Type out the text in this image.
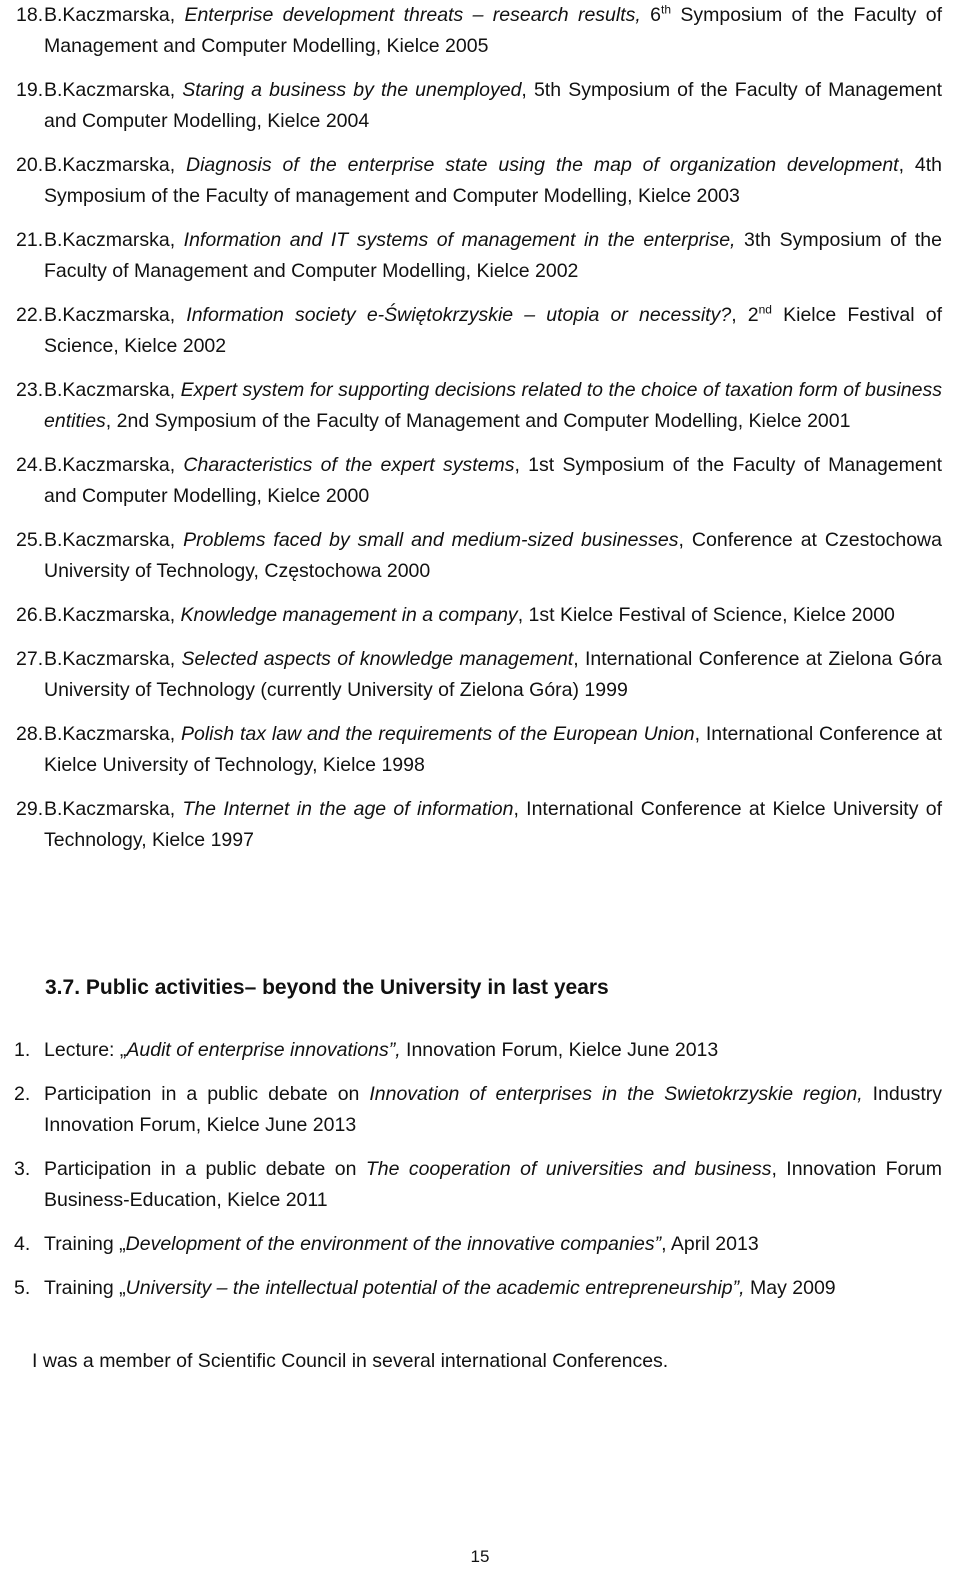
18. B.Kaczmarska, Enterprise development threats – research results, 6th Symposium of the Faculty of Management and Computer Modelling, Kielce 2005
19. B.Kaczmarska, Staring a business by the unemployed, 5th Symposium of the Faculty of Management and Computer Modelling, Kielce 2004
20. B.Kaczmarska, Diagnosis of the enterprise state using the map of organization development, 4th Symposium of the Faculty of management and Computer Modelling, Kielce 2003
21. B.Kaczmarska, Information and IT systems of management in the enterprise, 3th Symposium of the Faculty of Management and Computer Modelling, Kielce 2002
22. B.Kaczmarska, Information society e-Świętokrzyskie – utopia or necessity?, 2nd Kielce Festival of Science, Kielce 2002
23. B.Kaczmarska, Expert system for supporting decisions related to the choice of taxation form of business entities, 2nd Symposium of the Faculty of Management and Computer Modelling, Kielce 2001
24. B.Kaczmarska, Characteristics of the expert systems, 1st Symposium of the Faculty of Management and Computer Modelling, Kielce 2000
25. B.Kaczmarska, Problems faced by small and medium-sized businesses, Conference at Czestochowa University of Technology, Częstochowa 2000
26. B.Kaczmarska, Knowledge management in a company, 1st Kielce Festival of Science, Kielce 2000
27. B.Kaczmarska, Selected aspects of knowledge management, International Conference at Zielona Góra University of Technology (currently University of Zielona Góra) 1999
28. B.Kaczmarska, Polish tax law and the requirements of the European Union, International Conference at Kielce University of Technology, Kielce 1998
29. B.Kaczmarska, The Internet in the age of information, International Conference at Kielce University of Technology, Kielce 1997
3.7. Public activities– beyond the University in last years
1. Lecture: „Audit of enterprise innovations”, Innovation Forum, Kielce June 2013
2. Participation in a public debate on Innovation of enterprises in the Swietokrzyskie region, Industry Innovation Forum, Kielce June 2013
3. Participation in a public debate on The cooperation of universities and business, Innovation Forum Business-Education, Kielce 2011
4. Training „Development of the environment of the innovative companies”, April 2013
5. Training „University – the intellectual potential of the academic entrepreneurship”, May 2009
I was a member of Scientific Council in several international Conferences.
15
